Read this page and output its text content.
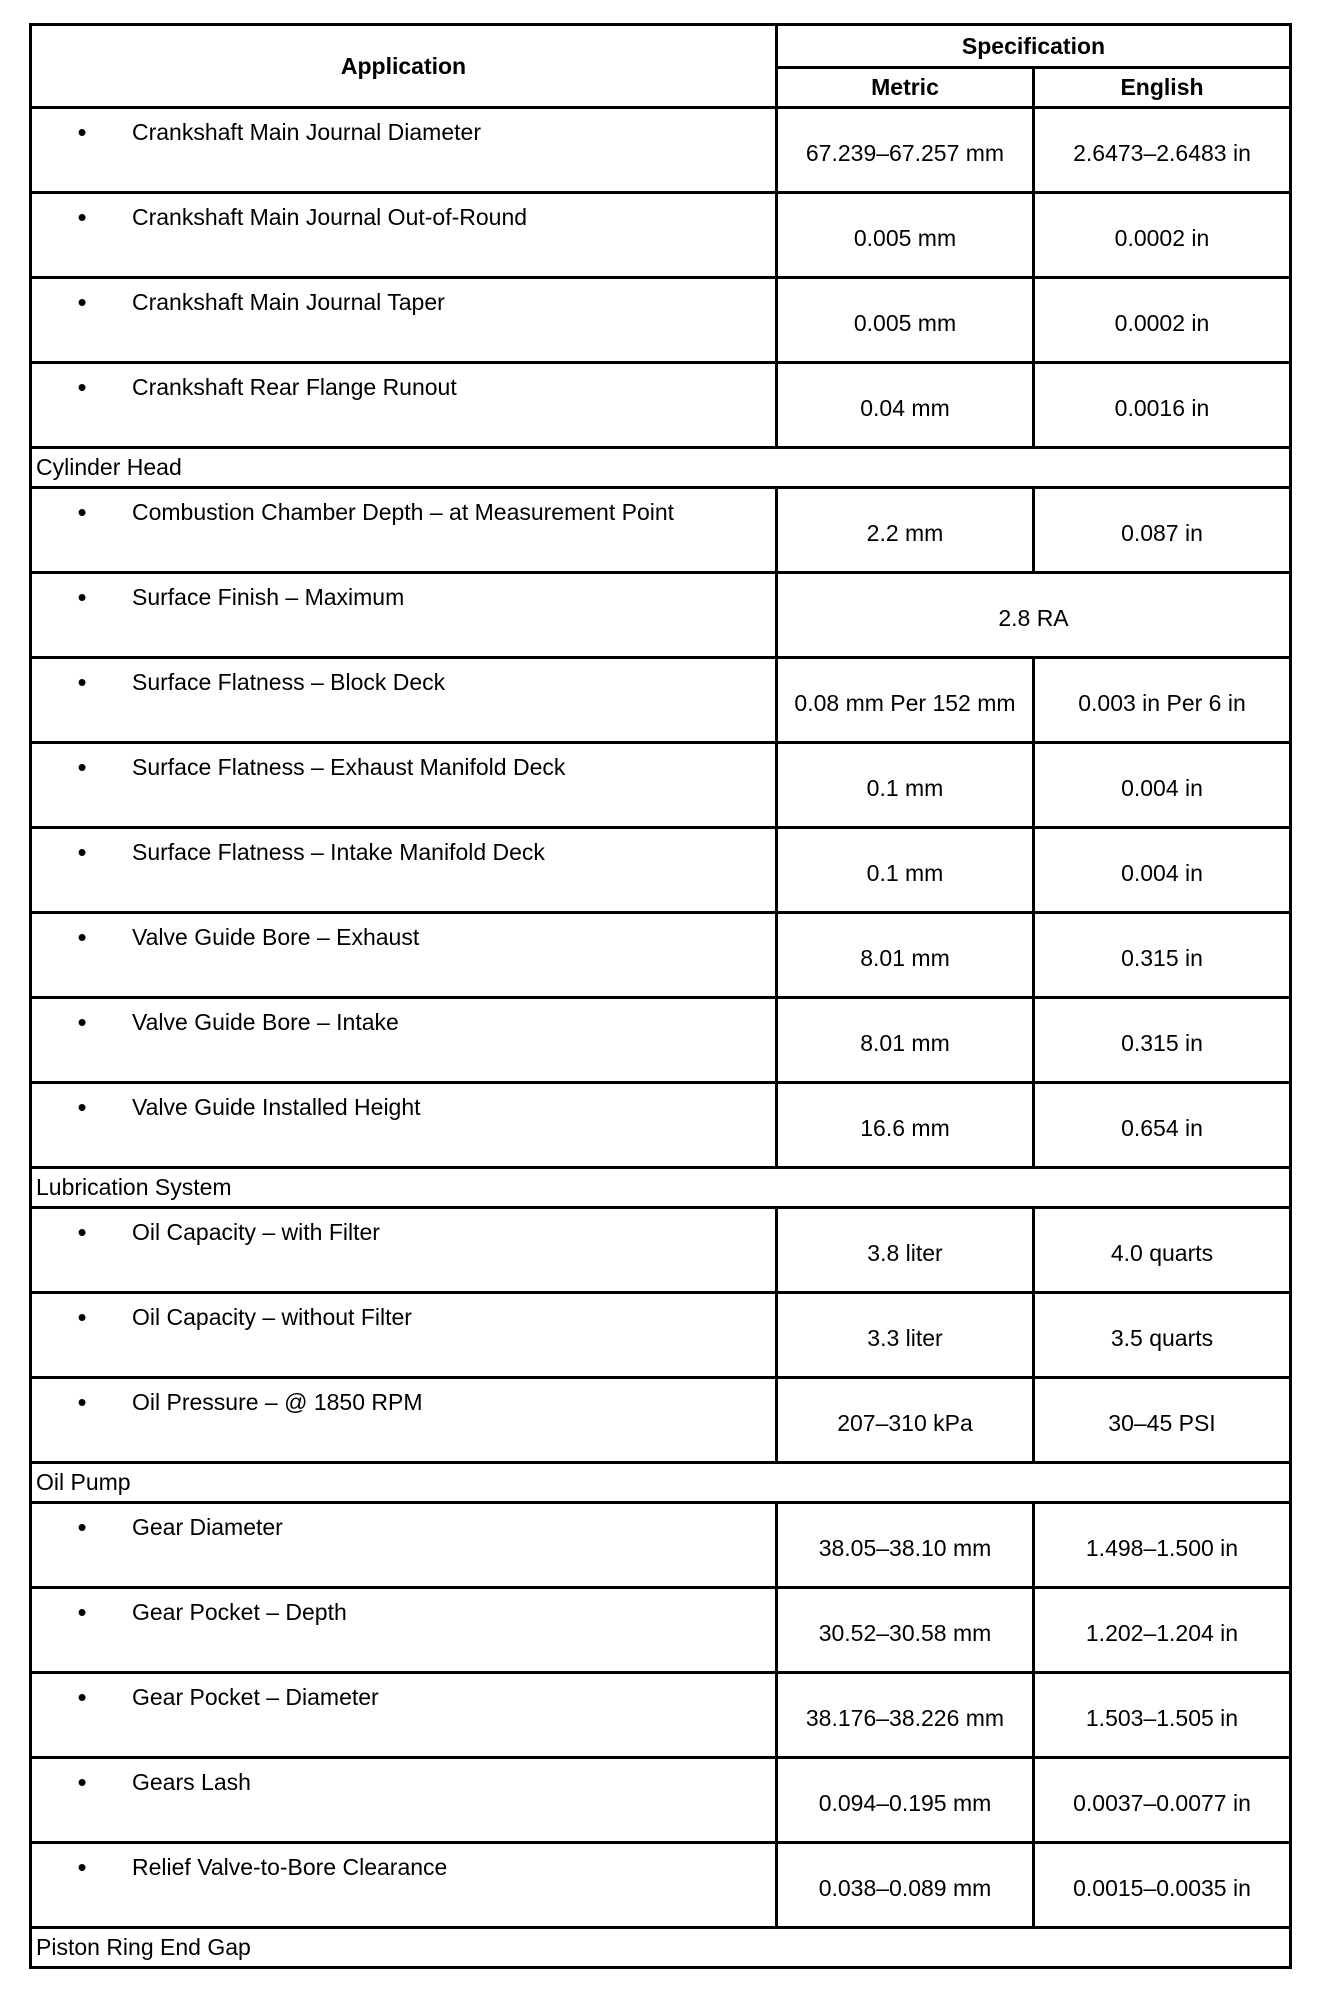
Application	Specification	
	Metric	English
• Crankshaft Main Journal Diameter	67.239–67.257 mm	2.6473–2.6483 in
• Crankshaft Main Journal Out-of-Round	0.005 mm	0.0002 in
• Crankshaft Main Journal Taper	0.005 mm	0.0002 in
• Crankshaft Rear Flange Runout	0.04 mm	0.0016 in
Cylinder Head		
• Combustion Chamber Depth – at Measurement Point	2.2 mm	0.087 in
• Surface Finish – Maximum	2.8 RA	
• Surface Flatness – Block Deck	0.08 mm Per 152 mm	0.003 in Per 6 in
• Surface Flatness – Exhaust Manifold Deck	0.1 mm	0.004 in
• Surface Flatness – Intake Manifold Deck	0.1 mm	0.004 in
• Valve Guide Bore – Exhaust	8.01 mm	0.315 in
• Valve Guide Bore – Intake	8.01 mm	0.315 in
• Valve Guide Installed Height	16.6 mm	0.654 in
Lubrication System		
• Oil Capacity – with Filter	3.8 liter	4.0 quarts
• Oil Capacity – without Filter	3.3 liter	3.5 quarts
• Oil Pressure – @ 1850 RPM	207–310 kPa	30–45 PSI
Oil Pump		
• Gear Diameter	38.05–38.10 mm	1.498–1.500 in
• Gear Pocket – Depth	30.52–30.58 mm	1.202–1.204 in
• Gear Pocket – Diameter	38.176–38.226 mm	1.503–1.505 in
• Gears Lash	0.094–0.195 mm	0.0037–0.0077 in
• Relief Valve-to-Bore Clearance	0.038–0.089 mm	0.0015–0.0035 in
Piston Ring End Gap		
